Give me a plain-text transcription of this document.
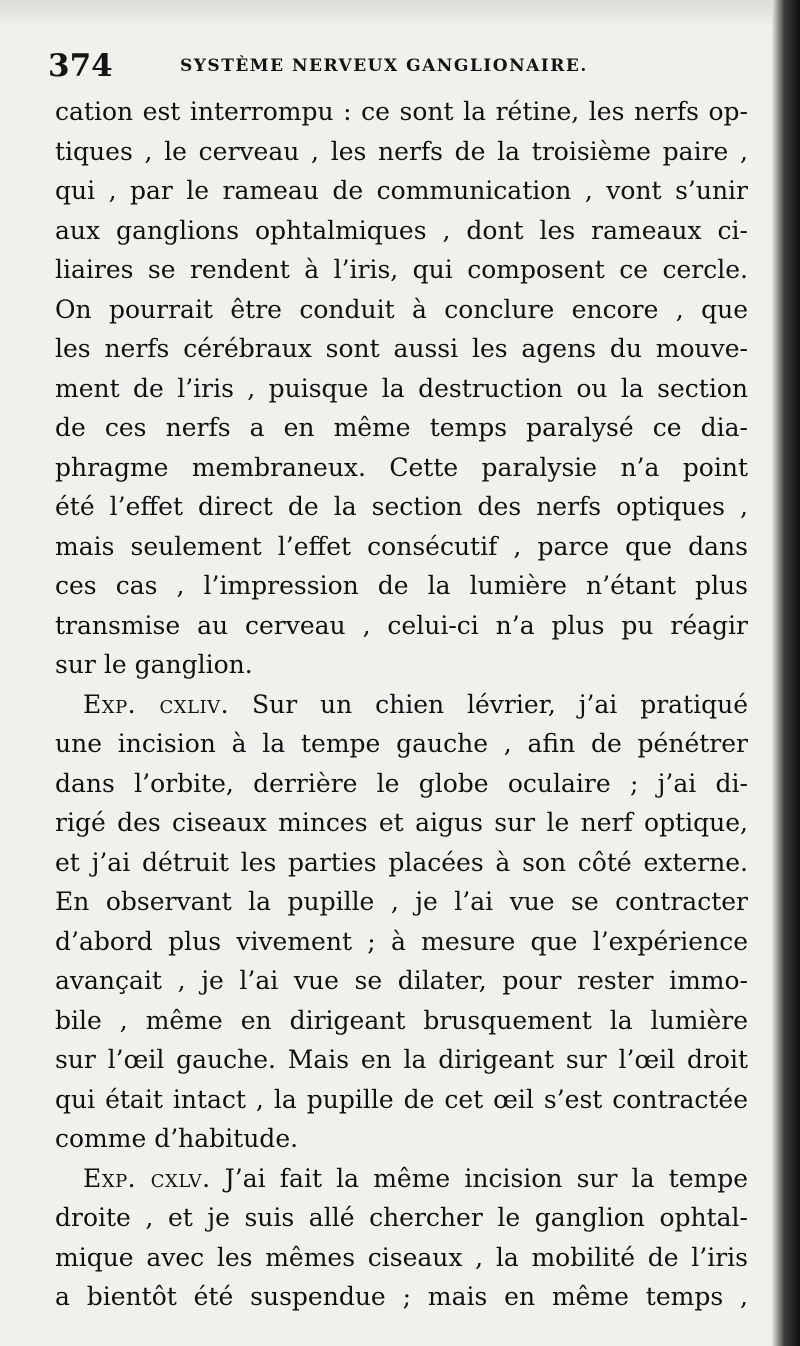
374	SYSTÈME NERVEUX GANGLIONAIRE.
cation est interrompu : ce sont la rétine, les nerfs op-
tiques , le cerveau , les nerfs de la troisième paire ,
qui , par le rameau de communication , vont s’unir
aux ganglions ophtalmiques , dont les rameaux ci-
liaires se rendent à l’iris, qui composent ce cercle.
On pourrait être conduit à conclure encore , que
les nerfs cérébraux sont aussi les agens du mouve-
ment de l’iris , puisque la destruction ou la section
de ces nerfs a en même temps paralysé ce dia-
phragme membraneux. Cette paralysie n’a point
été l’effet direct de la section des nerfs optiques ,
mais seulement l’effet consécutif , parce que dans
ces cas , l’impression de la lumière n’étant plus
transmise au cerveau , celui-ci n’a plus pu réagir
sur le ganglion.
Exp. cxliv. Sur un chien lévrier, j’ai pratiqué
une incision à la tempe gauche , afin de pénétrer
dans l’orbite, derrière le globe oculaire ; j’ai di-
rigé des ciseaux minces et aigus sur le nerf optique,
et j’ai détruit les parties placées à son côté externe.
En observant la pupille , je l’ai vue se contracter
d’abord plus vivement ; à mesure que l’expérience
avançait , je l’ai vue se dilater, pour rester immo-
bile , même en dirigeant brusquement la lumière
sur l’œil gauche. Mais en la dirigeant sur l’œil droit
qui était intact , la pupille de cet œil s’est contractée
comme d’habitude.
Exp. cxlv. J’ai fait la même incision sur la tempe
droite , et je suis allé chercher le ganglion ophtal-
mique avec les mêmes ciseaux , la mobilité de l’iris
a bientôt été suspendue ; mais en même temps ,
